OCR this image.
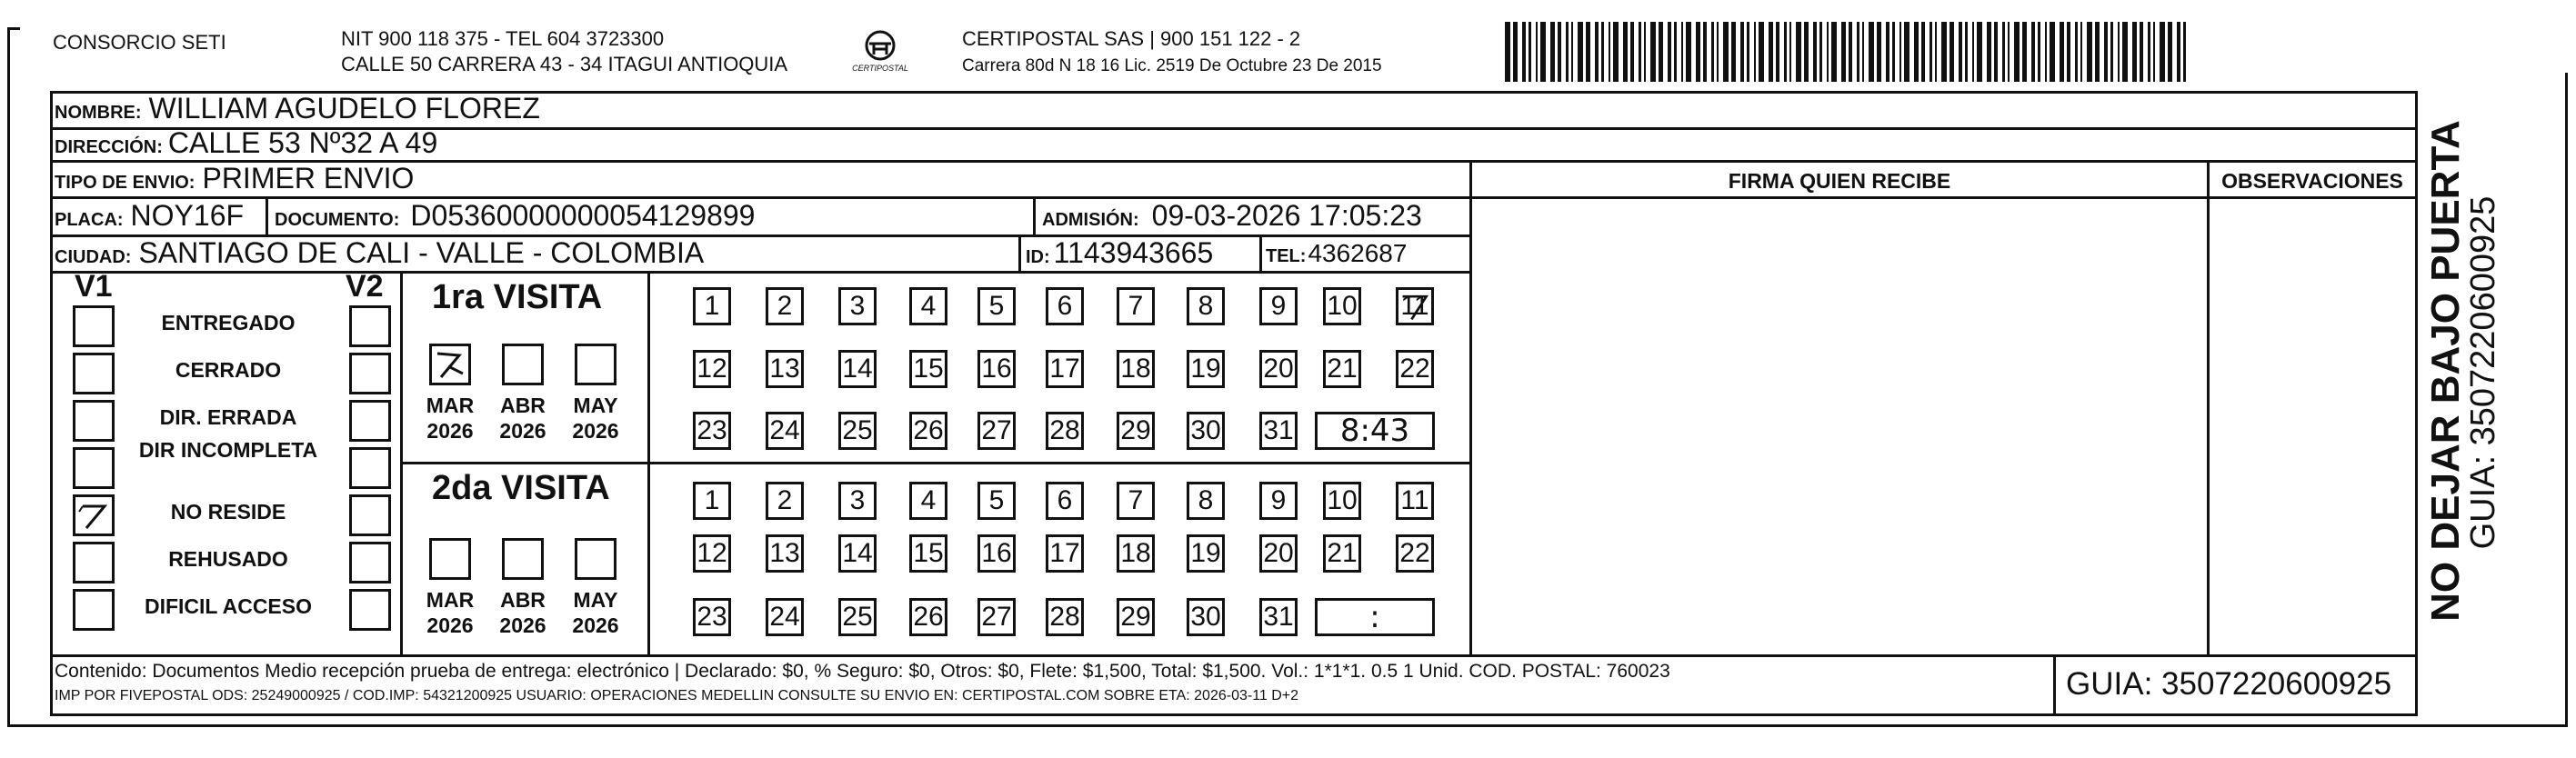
CONSORCIO SETI	NIT 900 118 375 - TEL 604 3723300
CALLE 50 CARRERA 43 - 34 ITAGUI ANTIOQUIA	CERTIPOSTAL
CERTIPOSTAL SAS | 900 151 122 - 2
Carrera 80d N 18 16 Lic. 2519 De Octubre 23 De 2015
NOMBRE: WILLIAM AGUDELO FLOREZ
DIRECCIÓN: CALLE 53 Nº32 A 49
TIPO DE ENVIO: PRIMER ENVIO	FIRMA QUIEN RECIBE	OBSERVACIONES
PLACA: NOY16F DOCUMENTO: D05360000000054129899	ADMISIÓN: 09-03-2026 17:05:23
CIUDAD: SANTIAGO DE CALI - VALLE - COLOMBIA	ID: 1143943665	TEL: 4362687
V1	V2
ENTREGADO
CERRADO
DIR. ERRADA
DIR INCOMPLETA
NO RESIDE
REHUSADO
DIFICIL ACCESO
1ra VISITA
MAR
2026
ABR
2026
MAY
2026
1	2	3	4	5	6	7	8	9	10 11
12 13 14 15 16 17 18 19 20 21 22
23 24 25 26 27 28 29 30 31	8:43
2da VISITA
MAR
2026
ABR
2026
MAY
2026
1	2	3	4	5	6	7	8	9	10 11
12 13 14 15 16 17 18 19 20 21 22
23 24 25 26 27 28 29 30 31	:
Contenido: Documentos Medio recepción prueba de entrega: electrónico | Declarado: $0, % Seguro: $0, Otros: $0, Flete: $1,500, Total: $1,500. Vol.: 1*1*1. 0.5 1 Unid. COD. POSTAL: 760023
IMP POR FIVEPOSTAL ODS: 25249000925 / COD.IMP: 54321200925 USUARIO: OPERACIONES MEDELLIN CONSULTE SU ENVIO EN: CERTIPOSTAL.COM SOBRE ETA: 2026-03-11 D+2	GUIA: 3507220600925
NO DEJAR BAJO PUERTA
GUIA: 3507220600925
